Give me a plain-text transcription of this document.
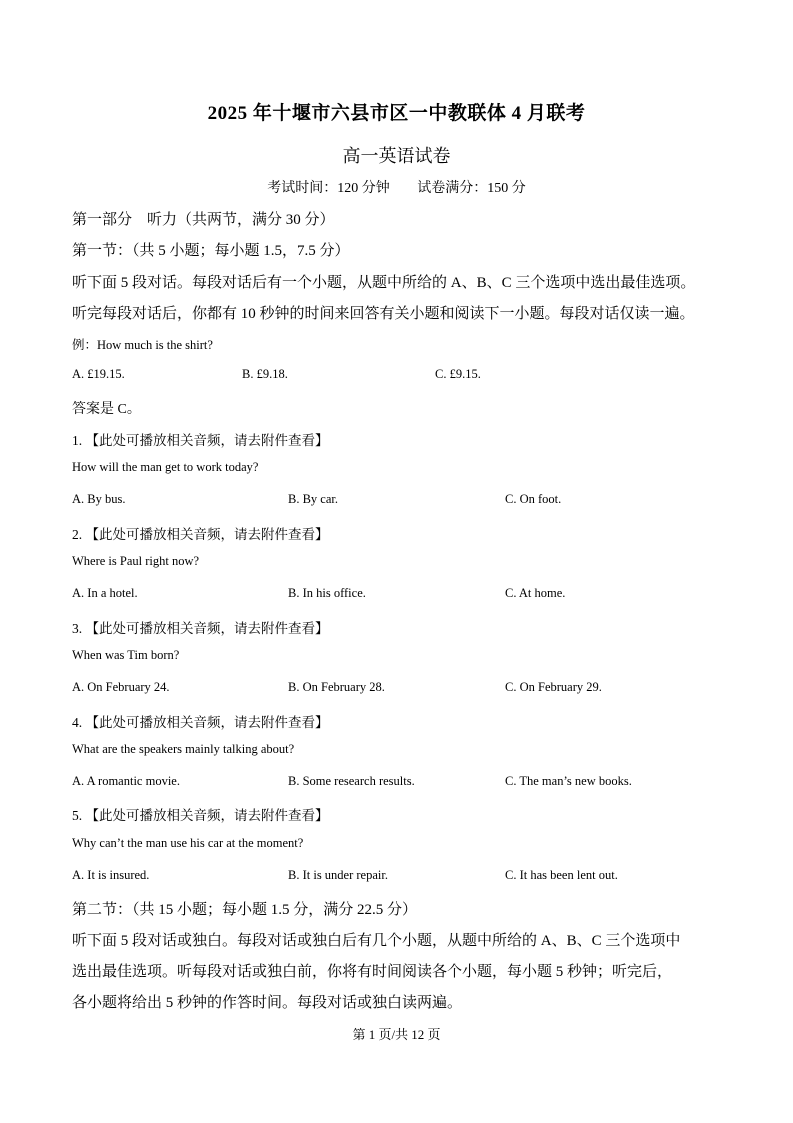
2025 年十堰市六县市区一中教联体 4 月联考
高一英语试卷
考试时间：120 分钟 试卷满分：150 分
第一部分　听力（共两节，满分 30 分）
第一节：（共 5 小题；每小题 1.5，7.5 分）
听下面 5 段对话。每段对话后有一个小题，从题中所给的 A、B、C 三个选项中选出最佳选项。
听完每段对话后，你都有 10 秒钟的时间来回答有关小题和阅读下一小题。每段对话仅读一遍。
例：How much is the shirt?
A. £19.15.	B. £9.18.	C. £9.15.
答案是 C。
1. 【此处可播放相关音频，请去附件查看】
How will the man get to work today?
A. By bus.	B. By car.	C. On foot.
2. 【此处可播放相关音频，请去附件查看】
Where is Paul right now?
A. In a hotel.	B. In his office.	C. At home.
3. 【此处可播放相关音频，请去附件查看】
When was Tim born?
A. On February 24.	B. On February 28.	C. On February 29.
4. 【此处可播放相关音频，请去附件查看】
What are the speakers mainly talking about?
A. A romantic movie.	B. Some research results.	C. The man’s new books.
5. 【此处可播放相关音频，请去附件查看】
Why can’t the man use his car at the moment?
A. It is insured.	B. It is under repair.	C. It has been lent out.
第二节：（共 15 小题；每小题 1.5 分，满分 22.5 分）
听下面 5 段对话或独白。每段对话或独白后有几个小题，从题中所给的 A、B、C 三个选项中
选出最佳选项。听每段对话或独白前，你将有时间阅读各个小题，每小题 5 秒钟；听完后，
各小题将给出 5 秒钟的作答时间。每段对话或独白读两遍。
第 1 页/共 12 页
